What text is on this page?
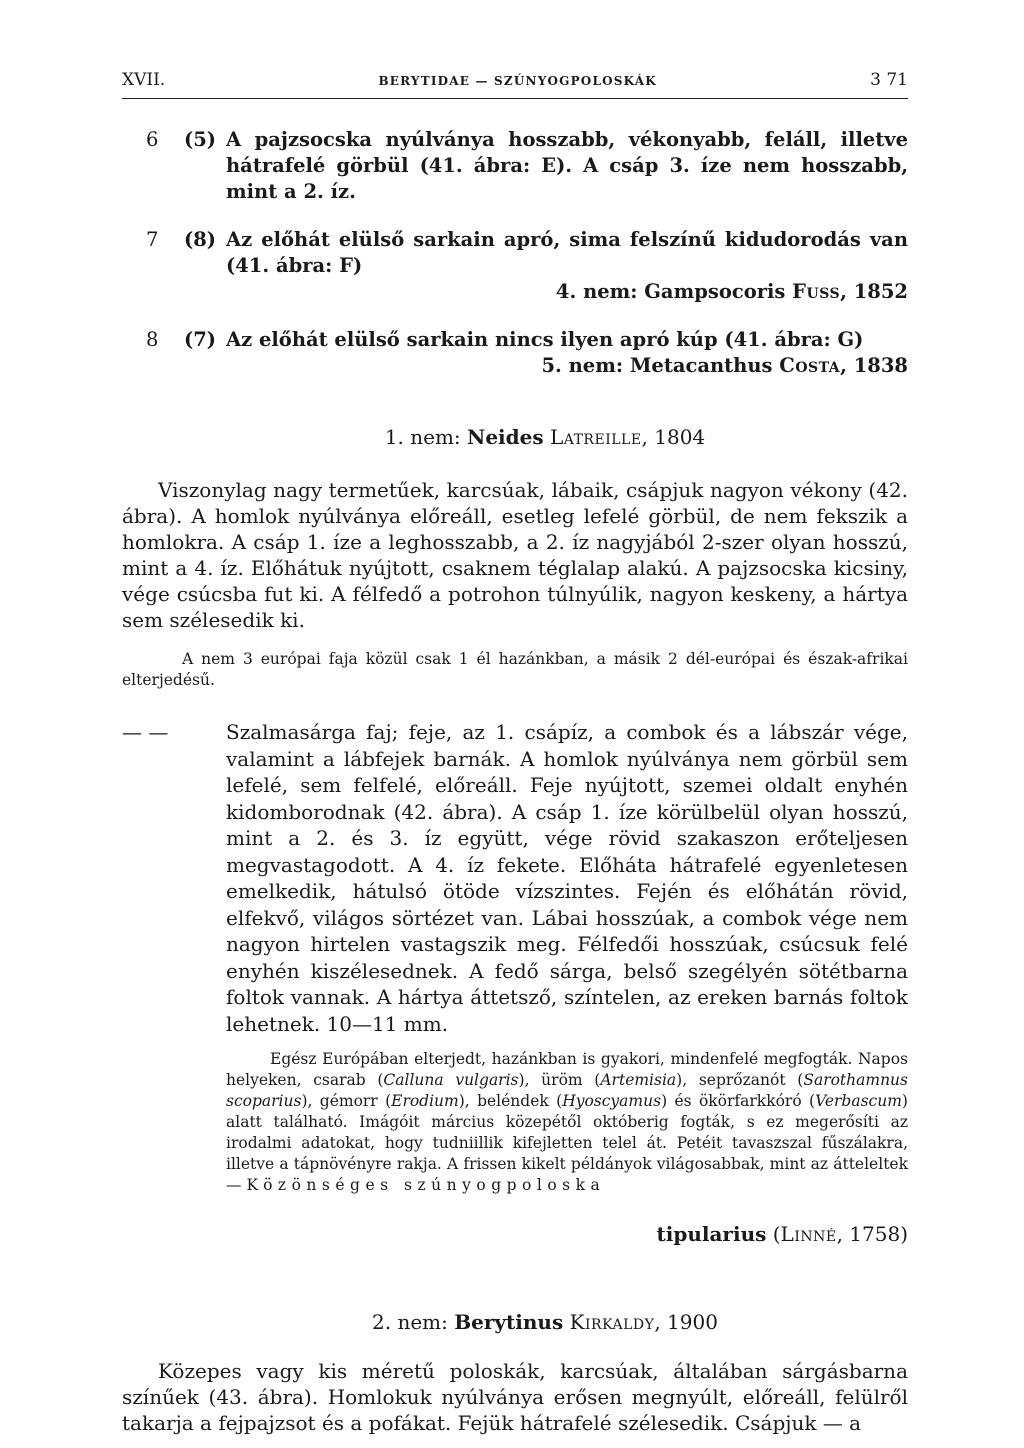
XVII.	BERYTIDAE — SZÚNYOGPOLOSKÁK	3 71
6 (5) A pajzsocska nyúlványa hosszabb, vékonyabb, feláll, illetve hátrafelé görbül (41. ábra: E). A csáp 3. íze nem hosszabb, mint a 2. íz.
7 (8) Az előhát elülső sarkain apró, sima felszínű kidudorodás van (41. ábra: F)
4. nem: Gampsocoris Fuss, 1852
8 (7) Az előhát elülső sarkain nincs ilyen apró kúp (41. ábra: G)
5. nem: Metacanthus Costa, 1838
1. nem: Neides Latreille, 1804
Viszonylag nagy termetűek, karcsúak, lábaik, csápjuk nagyon vékony (42. ábra). A homlok nyúlványa előreáll, esetleg lefelé görbül, de nem fekszik a homlokra. A csáp 1. íze a leghosszabb, a 2. íz nagyjából 2-szer olyan hosszú, mint a 4. íz. Előhátuk nyújtott, csaknem téglalap alakú. A pajzsocska kicsiny, vége csúcsba fut ki. A félfedő a potrohon túlnyúlik, nagyon keskeny, a hártya sem szélesedik ki.
A nem 3 európai faja közül csak 1 él hazánkban, a másik 2 dél-európai és észak-afrikai elterjedésű.
— —	Szalmasárga faj; feje, az 1. csápíz, a combok és a lábszár vége, valamint a lábfejek barnák. A homlok nyúlványa nem görbül sem lefelé, sem felfelé, előreáll. Feje nyújtott, szemei oldalt enyhén kidomborodnak (42. ábra). A csáp 1. íze körülbelül olyan hosszú, mint a 2. és 3. íz együtt, vége rövid szakaszon erőteljesen megvastagodott. A 4. íz fekete. Előháta hátrafelé egyenletesen emelkedik, hátulsó ötöde vízszintes. Fején és előhátán rövid, elfekvő, világos sörtézet van. Lábai hosszúak, a combok vége nem nagyon hirtelen vastagszik meg. Félfedői hosszúak, csúcsuk felé enyhén kiszélesednek. A fedő sárga, belső szegélyén sötétbarna foltok vannak. A hártya áttetsző, színtelen, az ereken barnás foltok lehetnek. 10—11 mm.
Egész Európában elterjedt, hazánkban is gyakori, mindenfelé megfogták. Napos helyeken, csarab (Calluna vulgaris), üröm (Artemisia), seprőzanót (Sarothamnus scoparius), gémorr (Erodium), beléndek (Hyoscyamus) és ökörfarkkóró (Verbascum) alatt található. Imágóit március közepétől októberig fogták, s ez megerősíti az irodalmi adatokat, hogy tudniillik kifejletten telel át. Petéit tavaszszal fűszálakra, illetve a tápnövényre rakja. A frissen kikelt példányok világosabbak, mint az átteleltek — Közönséges szúnyogpoloska
tipularius (Linné, 1758)
2. nem: Berytinus Kirkaldy, 1900
Közepes vagy kis méretű poloskák, karcsúak, általában sárgásbarna színűek (43. ábra). Homlokuk nyúlványa erősen megnyúlt, előreáll, felülről takarja a fejpajzsot és a pofákat. Fejük hátrafelé szélesedik. Csápjuk — a
